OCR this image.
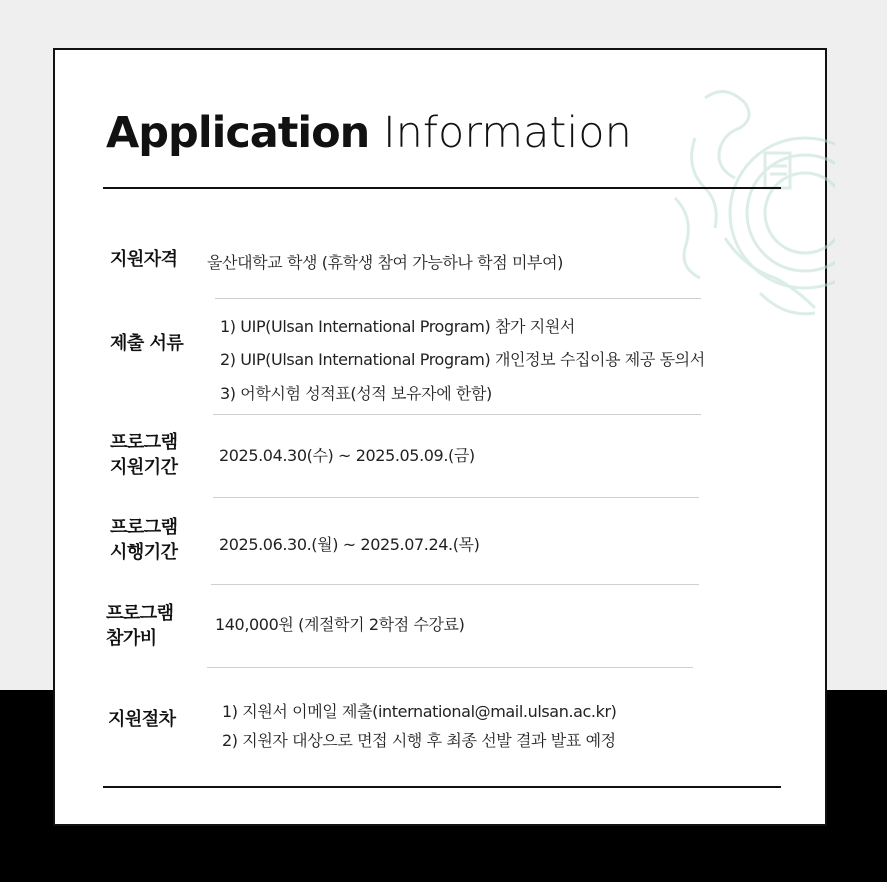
Application Information
지원자격 울산대학교 학생 (휴학생 참여 가능하나 학점 미부여)
제출 서류
1) UIP(Ulsan International Program) 참가 지원서
2) UIP(Ulsan International Program) 개인정보 수집이용 제공 동의서
3) 어학시험 성적표(성적 보유자에 한함)
프로그램
지원기간
2025.04.30(수) ~ 2025.05.09.(금)
프로그램
시행기간	2025.06.30.(월) ~ 2025.07.24.(목)
프로그램
참가비
140,000원 (계절학기 2학점 수강료)
지원절차	1) 지원서 이메일 제출(international@mail.ulsan.ac.kr)
2) 지원자 대상으로 면접 시행 후 최종 선발 결과 발표 예정
